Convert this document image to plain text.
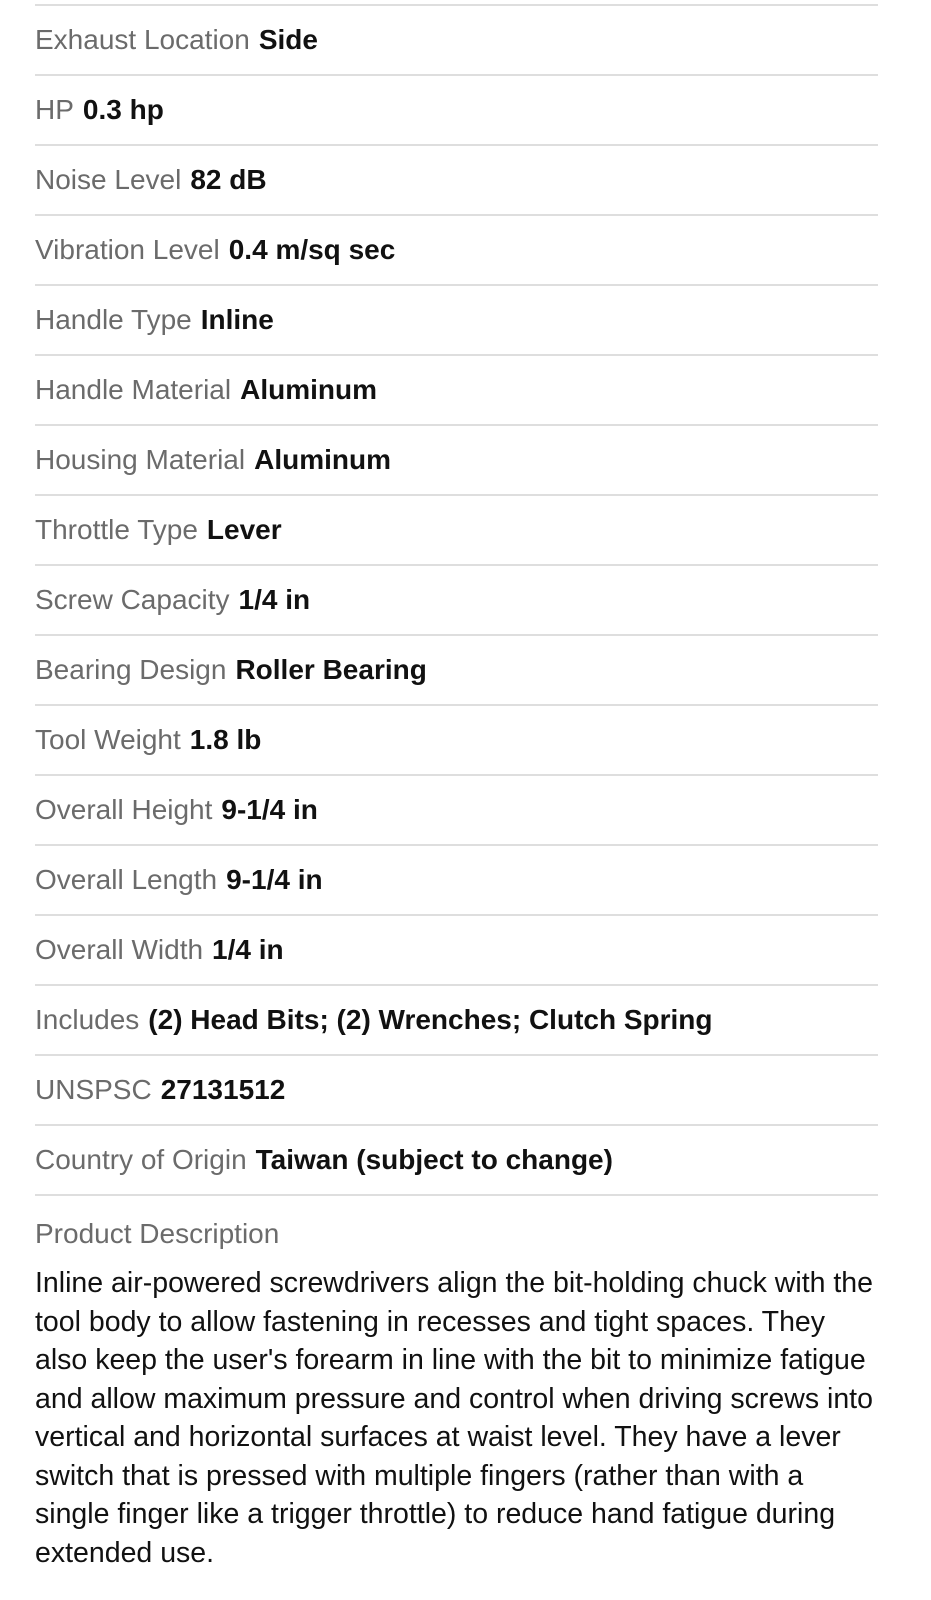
Exhaust Location Side
HP 0.3 hp
Noise Level 82 dB
Vibration Level 0.4 m/sq sec
Handle Type Inline
Handle Material Aluminum
Housing Material Aluminum
Throttle Type Lever
Screw Capacity 1/4 in
Bearing Design Roller Bearing
Tool Weight 1.8 lb
Overall Height 9-1/4 in
Overall Length 9-1/4 in
Overall Width 1/4 in
Includes (2) Head Bits; (2) Wrenches; Clutch Spring
UNSPSC 27131512
Country of Origin Taiwan (subject to change)
Product Description
Inline air-powered screwdrivers align the bit-holding chuck with the tool body to allow fastening in recesses and tight spaces. They also keep the user's forearm in line with the bit to minimize fatigue and allow maximum pressure and control when driving screws into vertical and horizontal surfaces at waist level. They have a lever switch that is pressed with multiple fingers (rather than with a single finger like a trigger throttle) to reduce hand fatigue during extended use.
